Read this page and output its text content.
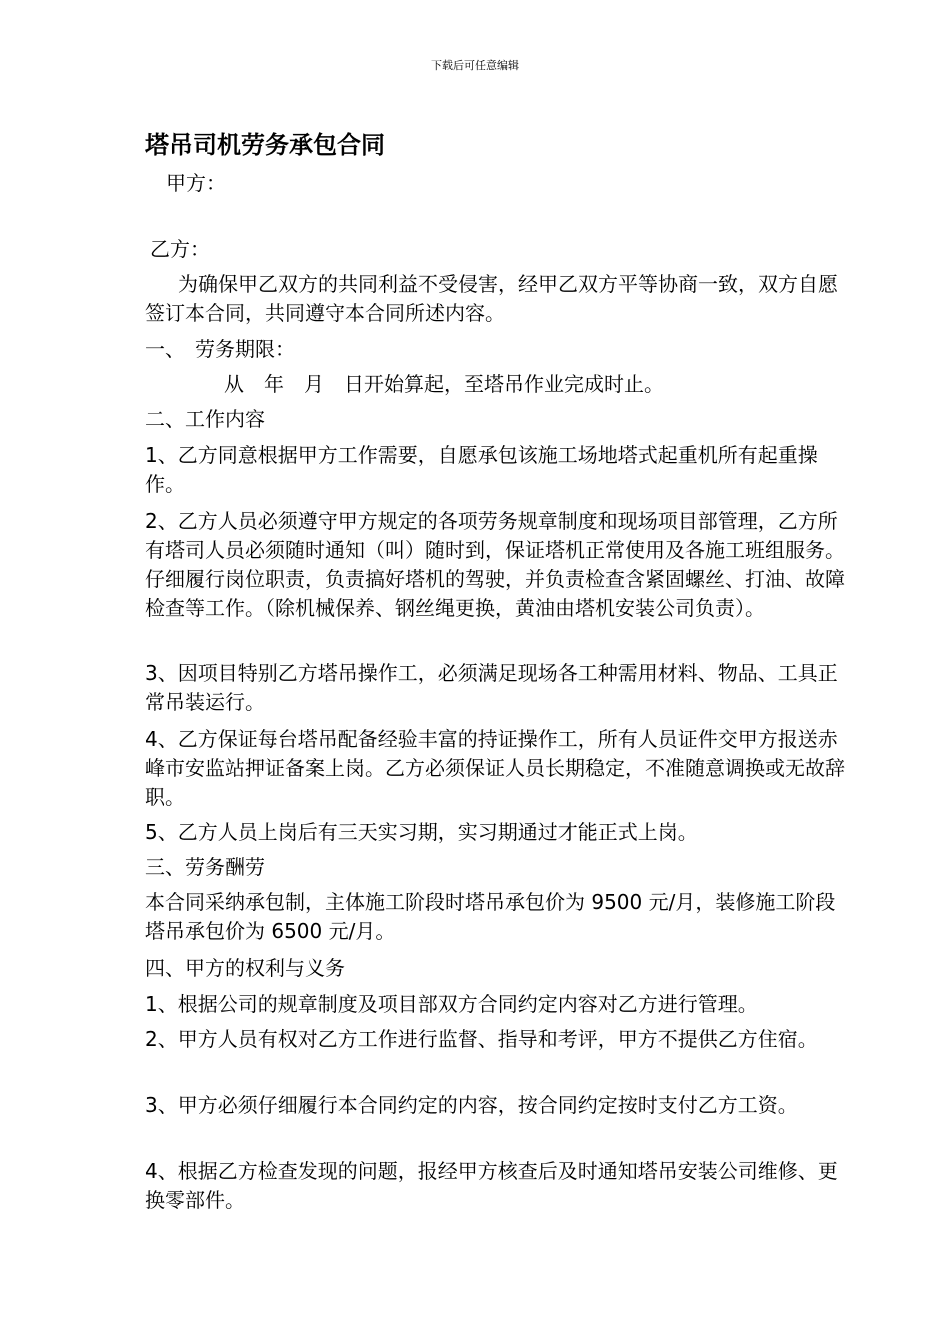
下载后可任意编辑
塔吊司机劳务承包合同
甲方：
乙方：

为确保甲乙双方的共同利益不受侵害，经甲乙双方平等协商一致，双方自愿签订本合同，共同遵守本合同所述内容。

一、　劳务期限：
从　年　月　日开始算起，至塔吊作业完成时止。
二、工作内容

1、乙方同意根据甲方工作需要，自愿承包该施工场地塔式起重机所有起重操作。

2、乙方人员必须遵守甲方规定的各项劳务规章制度和现场项目部管理，乙方所有塔司人员必须随时通知（叫）随时到，保证塔机正常使用及各施工班组服务。仔细履行岗位职责，负责搞好塔机的驾驶，并负责检查含紧固螺丝、打油、故障检查等工作。（除机械保养、钢丝绳更换，黄油由塔机安装公司负责）。

3、因项目特别乙方塔吊操作工，必须满足现场各工种需用材料、物品、工具正常吊装运行。

4、乙方保证每台塔吊配备经验丰富的持证操作工，所有人员证件交甲方报送赤峰市安监站押证备案上岗。乙方必须保证人员长期稳定，不准随意调换或无故辞职。

5、乙方人员上岗后有三天实习期，实习期通过才能正式上岗。
三、劳务酬劳

本合同采纳承包制，主体施工阶段时塔吊承包价为 9500 元/月，装修施工阶段塔吊承包价为 6500 元/月。

四、甲方的权利与义务
1、根据公司的规章制度及项目部双方合同约定内容对乙方进行管理。

2、甲方人员有权对乙方工作进行监督、指导和考评，甲方不提供乙方住宿。

3、甲方必须仔细履行本合同约定的内容，按合同约定按时支付乙方工资。

4、根据乙方检查发现的问题，报经甲方核查后及时通知塔吊安装公司维修、更换零部件。
